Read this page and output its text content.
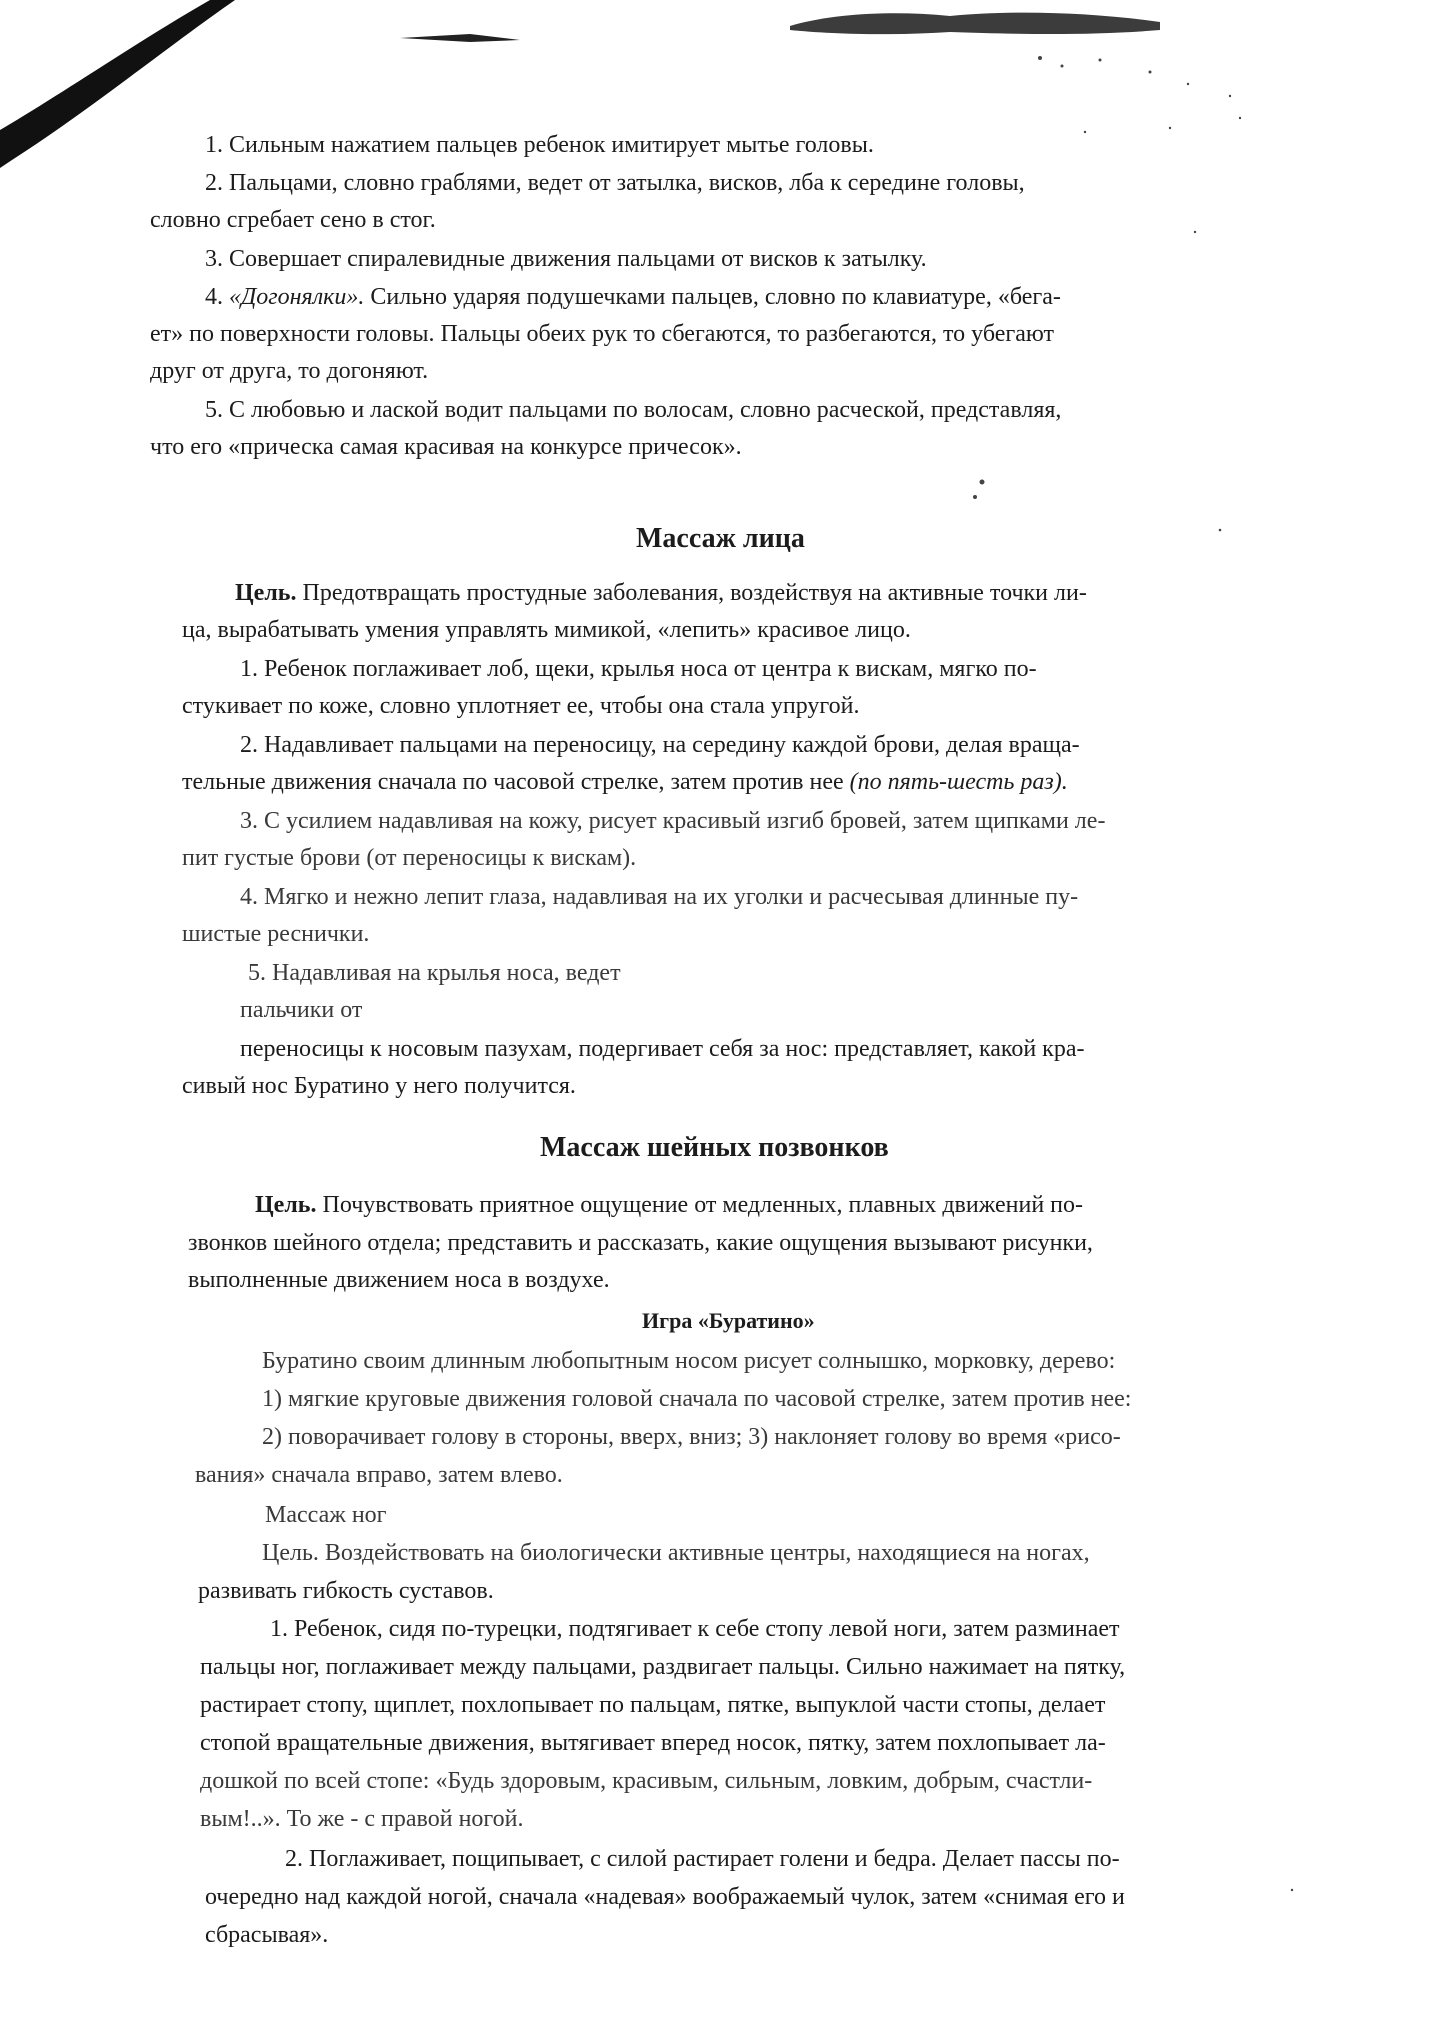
1. Сильным нажатием пальцев ребенок имитирует мытье головы.
2. Пальцами, словно граблями, ведет от затылка, висков, лба к середине головы,
словно сгребает сено в стог.
3. Совершает спиралевидные движения пальцами от висков к затылку.
4. «Догонялки». Сильно ударяя подушечками пальцев, словно по клавиатуре, «бега-
ет» по поверхности головы. Пальцы обеих рук то сбегаются, то разбегаются, то убегают
друг от друга, то догоняют.
5. С любовью и лаской водит пальцами по волосам, словно расческой, представляя,
что его «прическа самая красивая на конкурсе причесок».
Массаж лица
Цель. Предотвращать простудные заболевания, воздействуя на активные точки ли-
ца, вырабатывать умения управлять мимикой, «лепить» красивое лицо.
1. Ребенок поглаживает лоб, щеки, крылья носа от центра к вискам, мягко по-
стукивает по коже, словно уплотняет ее, чтобы она стала упругой.
2. Надавливает пальцами на переносицу, на середину каждой брови, делая враща-
тельные движения сначала по часовой стрелке, затем против нее (по пять-шесть раз).
3. С усилием надавливая на кожу, рисует красивый изгиб бровей, затем щипками ле-
пит густые брови (от переносицы к вискам).
4. Мягко и нежно лепит глаза, надавливая на их уголки и расчесывая длинные пу-
шистые реснички.
5. Надавливая на крылья носа, ведет
пальчики от
переносицы к носовым пазухам, подергивает себя за нос: представляет, какой кра-
сивый нос Буратино у него получится.
Массаж шейных позвонков
Цель. Почувствовать приятное ощущение от медленных, плавных движений по-
звонков шейного отдела; представить и рассказать, какие ощущения вызывают рисунки,
выполненные движением носа в воздухе.
Игра «Буратино»
Буратино своим длинным любопытным носом рисует солнышко, морковку, дерево:
1) мягкие круговые движения головой сначала по часовой стрелке, затем против нее:
2) поворачивает голову в стороны, вверх, вниз; 3) наклоняет голову во время «рисо-
вания» сначала вправо, затем влево.
Массаж ног
Цель. Воздействовать на биологически активные центры, находящиеся на ногах,
развивать гибкость суставов.
1. Ребенок, сидя по-турецки, подтягивает к себе стопу левой ноги, затем разминает
пальцы ног, поглаживает между пальцами, раздвигает пальцы. Сильно нажимает на пятку,
растирает стопу, щиплет, похлопывает по пальцам, пятке, выпуклой части стопы, делает
стопой вращательные движения, вытягивает вперед носок, пятку, затем похлопывает ла-
дошкой по всей стопе: «Будь здоровым, красивым, сильным, ловким, добрым, счастли-
вым!..». То же - с правой ногой.
2. Поглаживает, пощипывает, с силой растирает голени и бедра. Делает пассы по-
очередно над каждой ногой, сначала «надевая» воображаемый чулок, затем «снимая его и
сбрасывая».
